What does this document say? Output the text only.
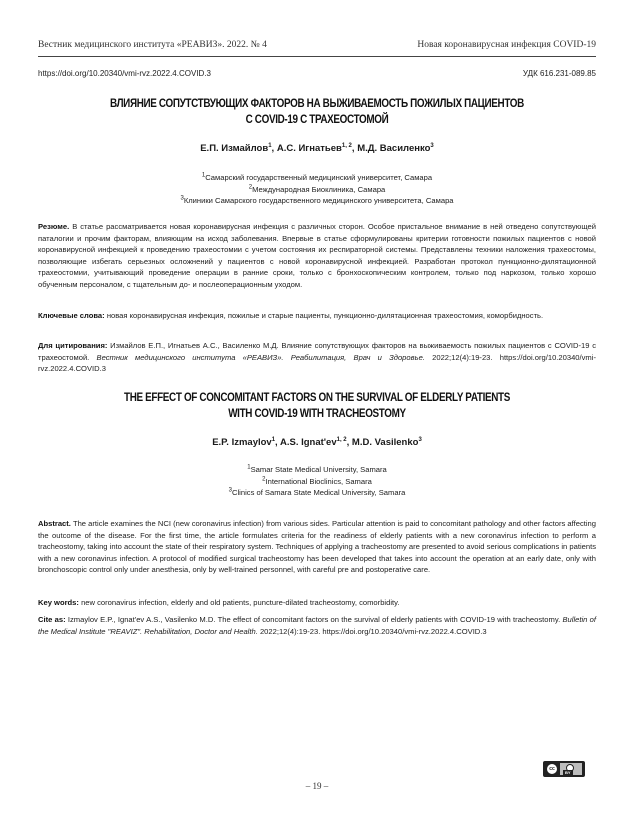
Вестник медицинского института «РЕАВИЗ». 2022. № 4	Новая коронавирусная инфекция COVID-19
https://doi.org/10.20340/vmi-rvz.2022.4.COVID.3	УДК 616.231-089.85
ВЛИЯНИЕ СОПУТСТВУЮЩИХ ФАКТОРОВ НА ВЫЖИВАЕМОСТЬ ПОЖИЛЫХ ПАЦИЕНТОВ
С COVID-19 С ТРАХЕОСТОМОЙ
Е.П. Измайлов$^1$, А.С. Игнатьев$^{1, 2}$, М.Д. Василенко$^3$
$^1$Самарский государственный медицинский университет, Самара
$^2$Международная Биоклиника, Самара
$^3$Клиники Самарского государственного медицинского университета, Самара
Резюме. В статье рассматривается новая коронавирусная инфекция с различных сторон. Особое пристальное внимание в ней отведено сопутствующей паталогии и прочим факторам, влияющим на исход заболевания. Впервые в статье сформулированы критерии готовности пожилых пациентов с новой коронавирусной инфекцией к проведению трахеостомии с учетом состояния их респираторной системы. Представлены техники наложения трахеостомы, позволяющие избегать серьезных осложнений у пациентов с новой коронавирусной инфекцией. Разработан протокол пункционно-дилятационной трахеостомии, учитывающий проведение операции в ранние сроки, только с бронхоскопическим контролем, только под наркозом, только хорошо обученным персоналом, с тщательным до- и послеоперационным уходом.
Ключевые слова: новая коронавирусная инфекция, пожилые и старые пациенты, пункционно-дилятационная трахеостомия, коморбидность.
Для цитирования: Измайлов Е.П., Игнатьев А.С., Василенко М.Д. Влияние сопутствующих факторов на выживаемость пожилых пациентов с COVID-19 с трахеостомой. Вестник медицинского института «РЕАВИЗ». Реабилитация, Врач и Здоровье. 2022;12(4):19-23. https://doi.org/10.20340/vmi-rvz.2022.4.COVID.3
THE EFFECT OF CONCOMITANT FACTORS ON THE SURVIVAL OF ELDERLY PATIENTS
WITH COVID-19 WITH TRACHEOSTOMY
E.P. Izmaylov$^1$, A.S. Ignat'ev$^{1, 2}$, M.D. Vasilenko$^3$
$^1$Samar State Medical University, Samara
$^2$International Bioclinics, Samara
$^3$Clinics of Samara State Medical University, Samara
Abstract. The article examines the NCI (new coronavirus infection) from various sides. Particular attention is paid to concomitant pathology and other factors affecting the outcome of the disease. For the first time, the article formulates criteria for the readiness of elderly patients with a new coronavirus infection to perform a tracheostomy, taking into account the state of their respiratory system. Techniques of applying a tracheostomy are presented to avoid serious complications in patients with a new coronavirus infection. A protocol of modified surgical tracheostomy has been developed that takes into account the operation at an early date, only with bronchoscopic control only under anesthesia, only by well-trained personnel, with careful pre and postoperative care.
Key words: new coronavirus infection, elderly and old patients, puncture-dilated tracheostomy, comorbidity.
Cite as: Izmaylov E.P., Ignat'ev A.S., Vasilenko M.D. The effect of concomitant factors on the survival of elderly patients with COVID-19 with tracheostomy. Bulletin of the Medical Institute "REAVIZ". Rehabilitation, Doctor and Health. 2022;12(4):19-23. https://doi.org/10.20340/vmi-rvz.2022.4.COVID.3
cc
BY
– 19 –
